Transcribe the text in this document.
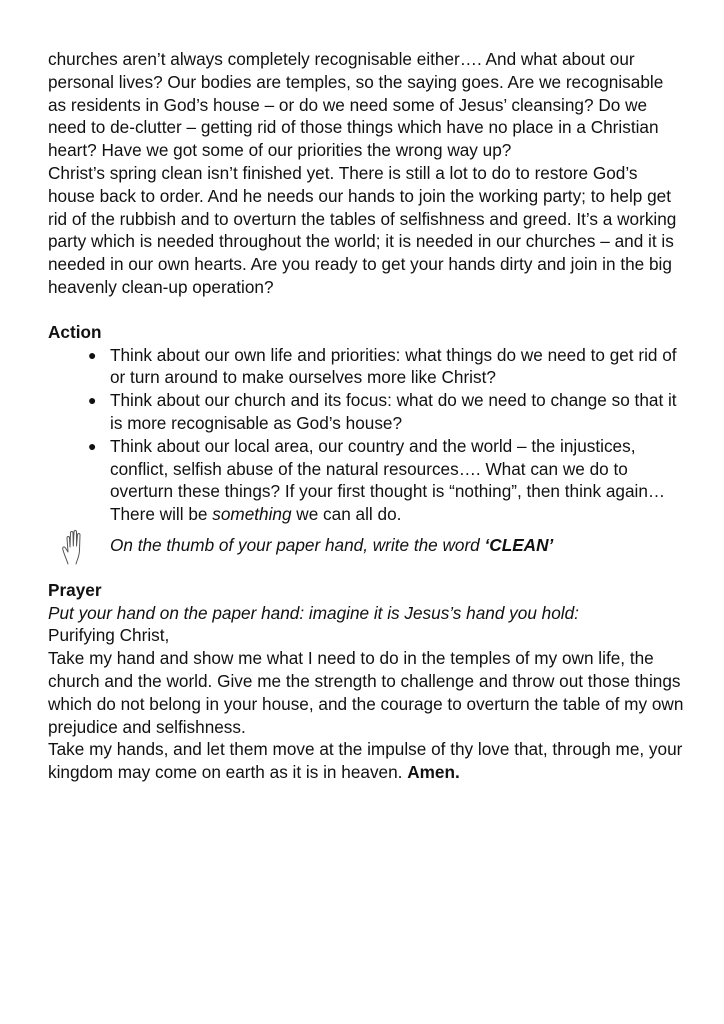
churches aren’t always completely recognisable either…. And what about our personal lives? Our bodies are temples, so the saying goes. Are we recognisable as residents in God’s house – or do we need some of Jesus’ cleansing? Do we need to de-clutter – getting rid of those things which have no place in a Christian heart? Have we got some of our priorities the wrong way up?

Christ’s spring clean isn’t finished yet. There is still a lot to do to restore God’s house back to order. And he needs our hands to join the working party; to help get rid of the rubbish and to overturn the tables of selfishness and greed. It’s a working party which is needed throughout the world; it is needed in our churches – and it is needed in our own hearts. Are you ready to get your hands dirty and join in the big heavenly clean-up operation?

Action

● Think about our own life and priorities: what things do we need to get rid of or turn around to make ourselves more like Christ?
● Think about our church and its focus: what do we need to change so that it is more recognisable as God’s house?
● Think about our local area, our country and the world – the injustices, conflict, selfish abuse of the natural resources…. What can we do to overturn these things? If your first thought is “nothing”, then think again… There will be something we can all do.
On the thumb of your paper hand, write the word ‘CLEAN’

Prayer

Put your hand on the paper hand: imagine it is Jesus’s hand you hold:

Purifying Christ,

Take my hand and show me what I need to do in the temples of my own life, the church and the world. Give me the strength to challenge and throw out those things which do not belong in your house, and the courage to overturn the table of my own prejudice and selfishness.

Take my hands, and let them move at the impulse of thy love that, through me, your kingdom may come on earth as it is in heaven. Amen.
